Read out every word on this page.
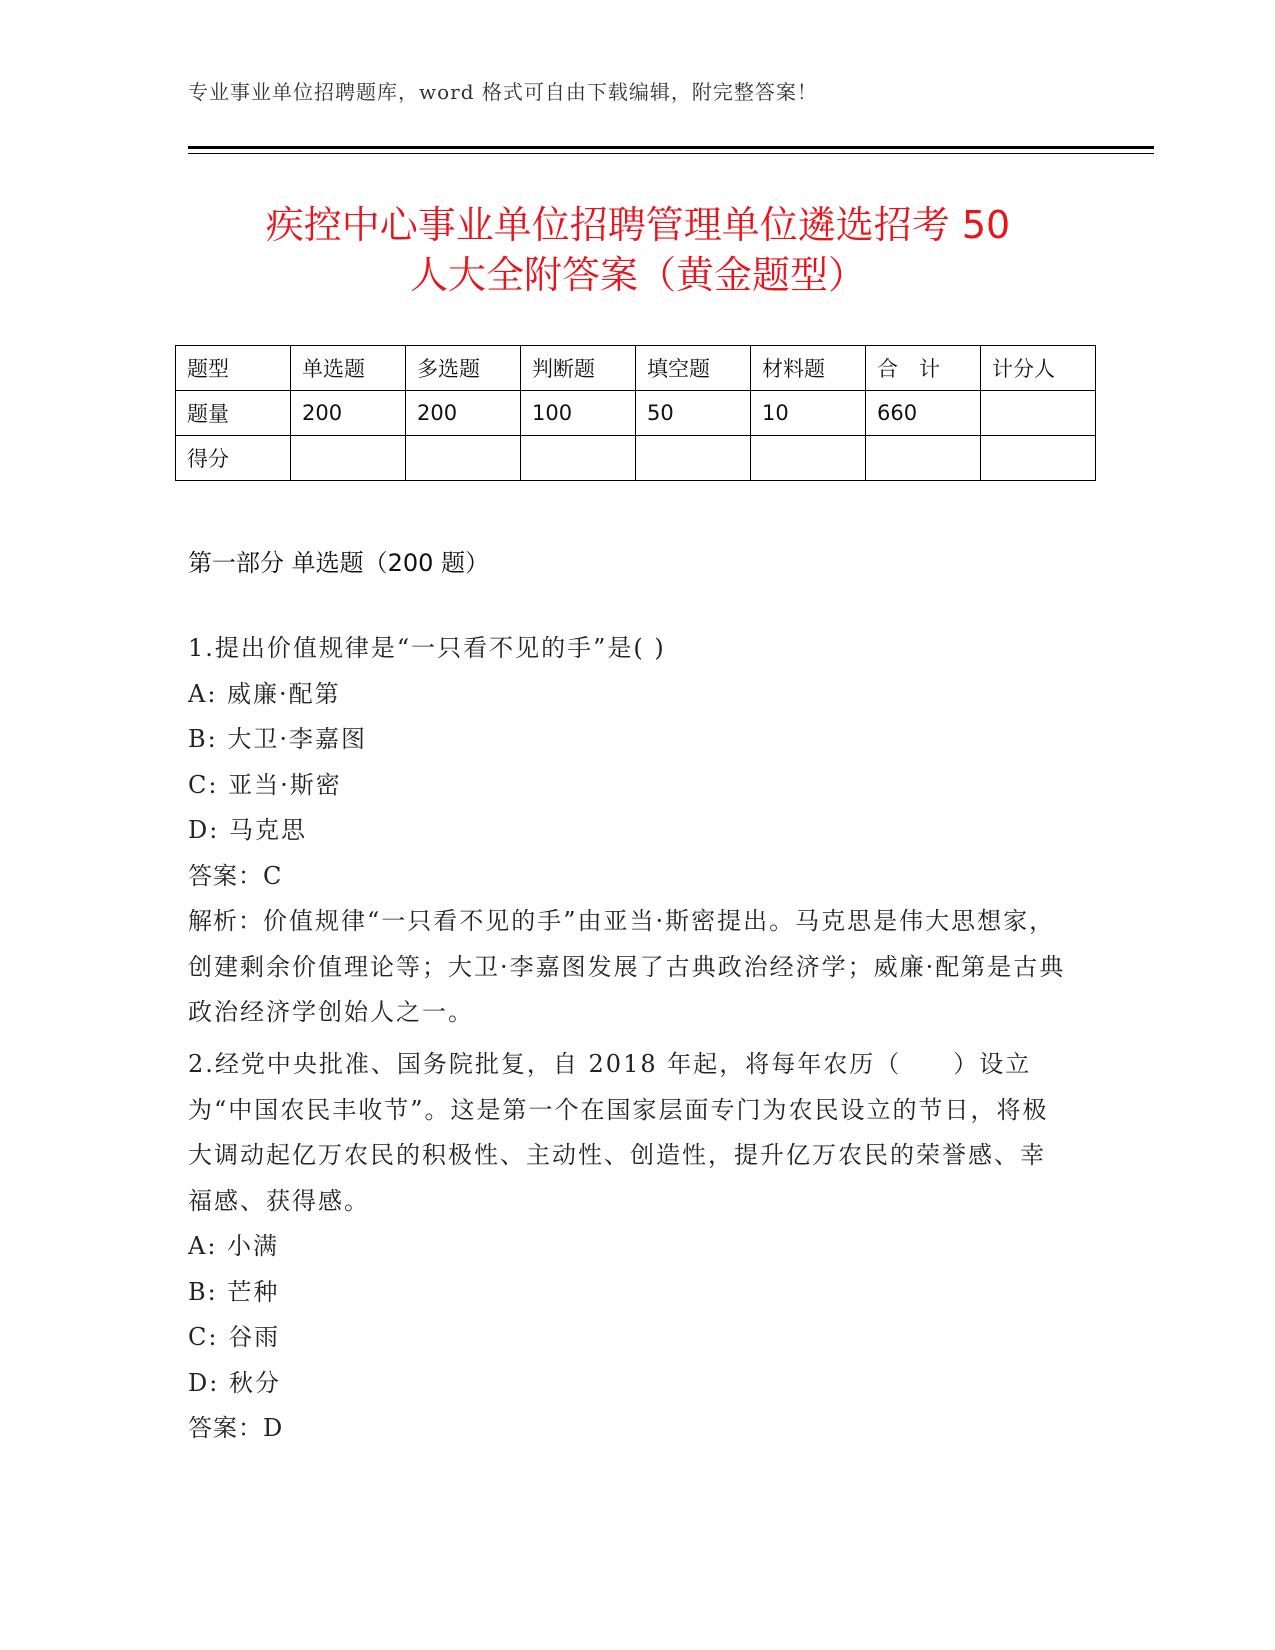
专业事业单位招聘题库，word 格式可自由下载编辑，附完整答案！
疾控中心事业单位招聘管理单位遴选招考 50
人大全附答案（黄金题型）
题型	单选题	多选题	判断题	填空题	材料题	合　计	计分人
题量	200	200	100	50	10	660	
得分							
第一部分 单选题（200 题）

1.提出价值规律是“一只看不见的手”是( )

A: 威廉·配第

B: 大卫·李嘉图

C: 亚当·斯密

D: 马克思

答案：C

解析：价值规律“一只看不见的手”由亚当·斯密提出。马克思是伟大思想家，创建剩余价值理论等；大卫·李嘉图发展了古典政治经济学；威廉·配第是古典政治经济学创始人之一。

2.经党中央批准、国务院批复，自 2018 年起，将每年农历（　　）设立为“中国农民丰收节”。这是第一个在国家层面专门为农民设立的节日，将极大调动起亿万农民的积极性、主动性、创造性，提升亿万农民的荣誉感、幸福感、获得感。

A: 小满

B: 芒种

C: 谷雨

D: 秋分

答案：D
